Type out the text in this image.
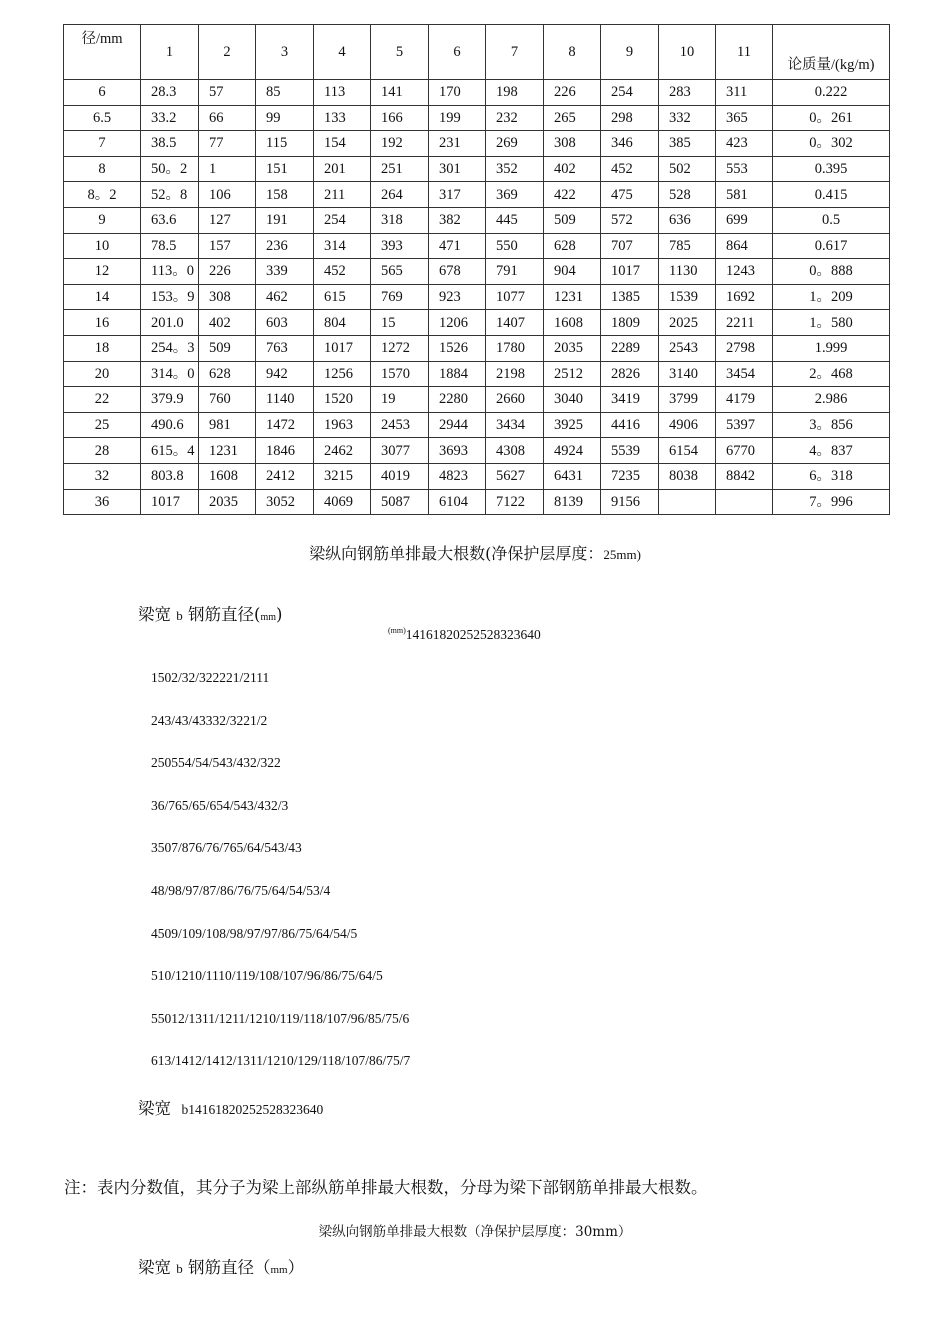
径/mm	1	2	3	4	5	6	7	8	9	10	11	论质量/(kg/m)
6	28.3	57	85	113	141	170	198	226	254	283	311	0.222
6.5	33.2	66	99	133	166	199	232	265	298	332	365	0。261
7	38.5	77	115	154	192	231	269	308	346	385	423	0。302
8	50。2	1	151	201	251	301	352	402	452	502	553	0.395
8。2	52。8	106	158	211	264	317	369	422	475	528	581	0.415
9	63.6	127	191	254	318	382	445	509	572	636	699	0.5
10	78.5	157	236	314	393	471	550	628	707	785	864	0.617
12	113。0	226	339	452	565	678	791	904	1017	1130	1243	0。888
14	153。9	308	462	615	769	923	1077	1231	1385	1539	1692	1。209
16	201.0	402	603	804	15	1206	1407	1608	1809	2025	2211	1。580
18	254。3	509	763	1017	1272	1526	1780	2035	2289	2543	2798	1.999
20	314。0	628	942	1256	1570	1884	2198	2512	2826	3140	3454	2。468
22	379.9	760	1140	1520	19	2280	2660	3040	3419	3799	4179	2.986
25	490.6	981	1472	1963	2453	2944	3434	3925	4416	4906	5397	3。856
28	615。4	1231	1846	2462	3077	3693	4308	4924	5539	6154	6770	4。837
32	803.8	1608	2412	3215	4019	4823	5627	6431	7235	8038	8842	6。318
36	1017	2035	3052	4069	5087	6104	7122	8139	9156			7。996
梁纵向钢筋单排最大根数(净保护层厚度：25mm)
梁宽 b 钢筋直径(mm)
$^{(mm)}$14161820252528323640
1502/32/322221/2111
243/43/43332/3221/2
250554/54/543/432/322
36/765/65/654/543/432/3
3507/876/76/765/64/543/43
48/98/97/87/86/76/75/64/54/53/4
4509/109/108/98/97/97/86/75/64/54/5
510/1210/1110/119/108/107/96/86/75/64/5
55012/1311/1211/1210/119/118/107/96/85/75/6
613/1412/1412/1311/1210/129/118/107/86/75/7
梁宽 b14161820252528323640
注：表内分数值，其分子为梁上部纵筋单排最大根数，分母为梁下部钢筋单排最大根数。
梁纵向钢筋单排最大根数（净保护层厚度：30mm）
梁宽 b 钢筋直径（mm）
